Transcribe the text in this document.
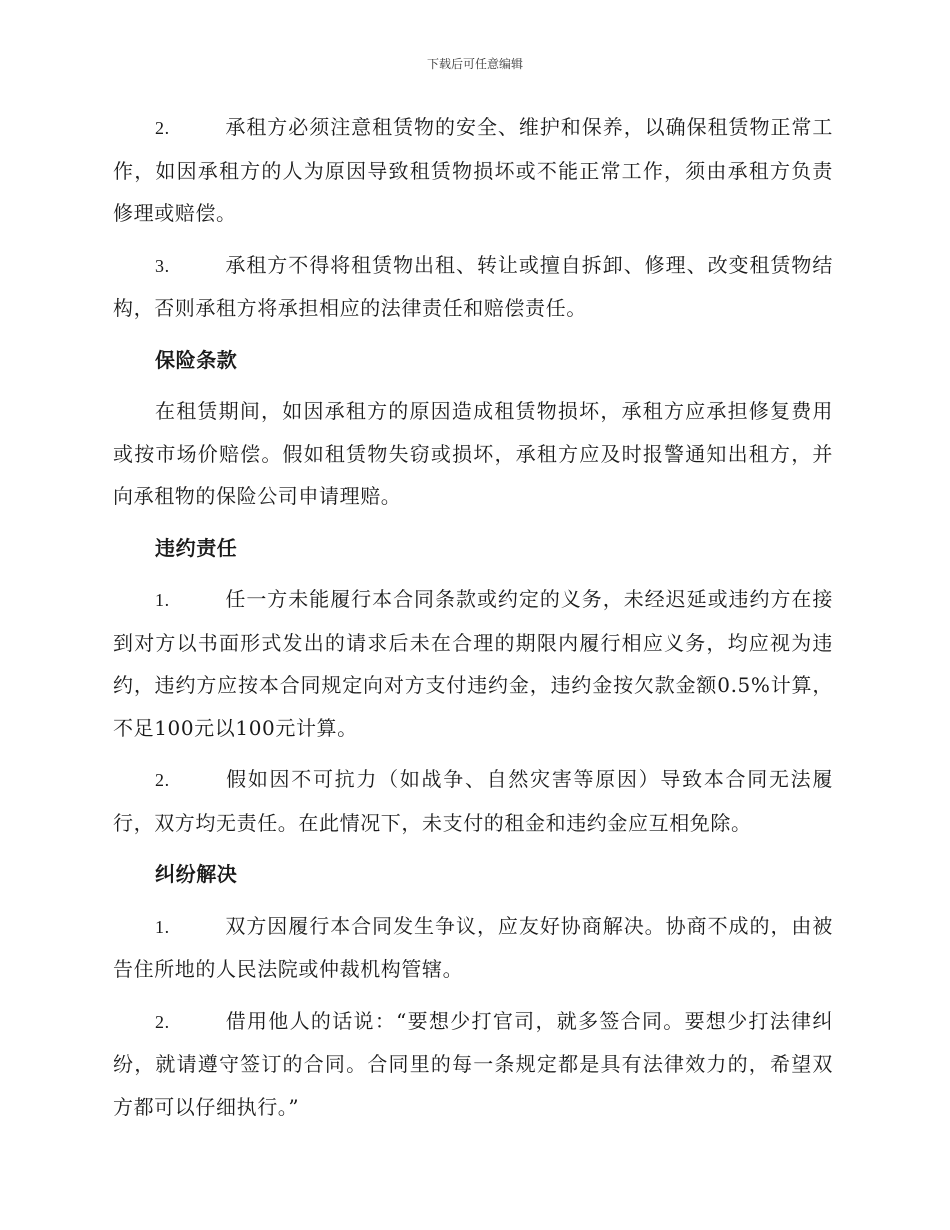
下载后可任意编辑

2.	承租方必须注意租赁物的安全、维护和保养，以确保租赁物正常工作，如因承租方的人为原因导致租赁物损坏或不能正常工作，须由承租方负责修理或赔偿。

3.	承租方不得将租赁物出租、转让或擅自拆卸、修理、改变租赁物结构，否则承租方将承担相应的法律责任和赔偿责任。

保险条款

在租赁期间，如因承租方的原因造成租赁物损坏，承租方应承担修复费用或按市场价赔偿。假如租赁物失窃或损坏，承租方应及时报警通知出租方，并向承租物的保险公司申请理赔。

违约责任

1.	任一方未能履行本合同条款或约定的义务，未经迟延或违约方在接到对方以书面形式发出的请求后未在合理的期限内履行相应义务，均应视为违约，违约方应按本合同规定向对方支付违约金，违约金按欠款金额0.5%计算，不足100元以100元计算。

2.	假如因不可抗力（如战争、自然灾害等原因）导致本合同无法履行，双方均无责任。在此情况下，未支付的租金和违约金应互相免除。

纠纷解决

1.	双方因履行本合同发生争议，应友好协商解决。协商不成的，由被告住所地的人民法院或仲裁机构管辖。

2.	借用他人的话说：“要想少打官司，就多签合同。要想少打法律纠纷，就请遵守签订的合同。合同里的每一条规定都是具有法律效力的，希望双方都可以仔细执行。”
